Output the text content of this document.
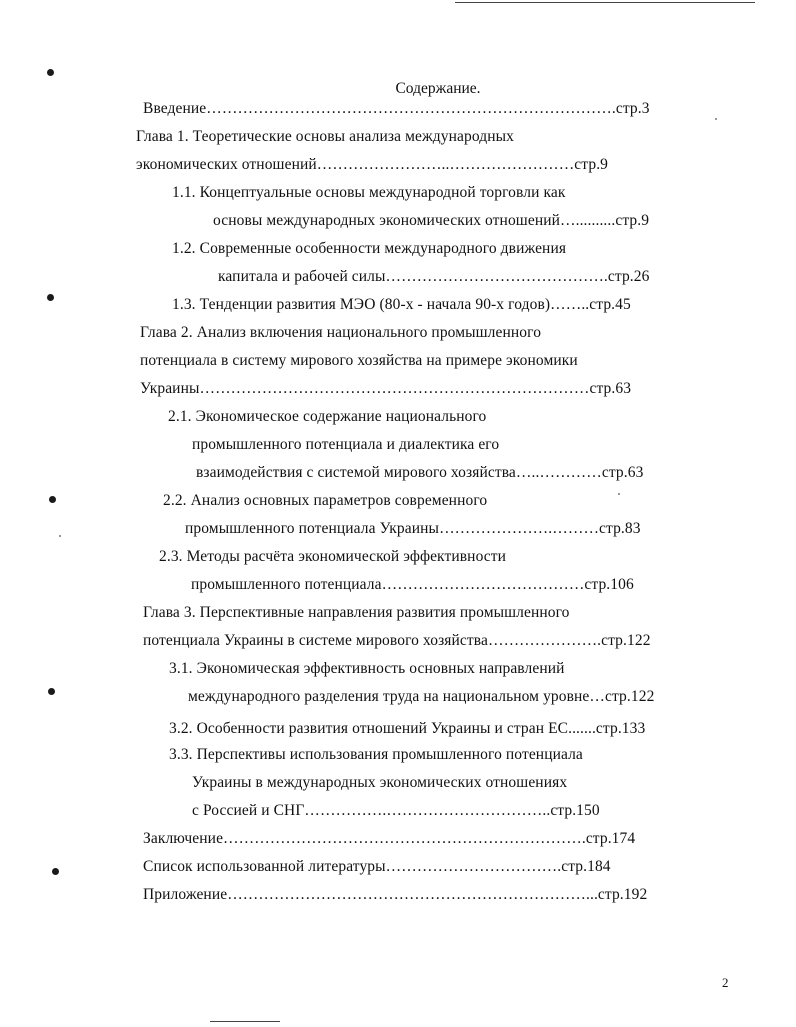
Содержание.
Введение…………………………………………………………………….стр.3
Глава 1. Теоретические основы анализа международных
экономических отношений……………………..……………………стр.9
1.1. Концептуальные основы международной торговли как
основы международных экономических отношений…..........стр.9
1.2. Современные особенности международного движения
капитала и рабочей силы…………………………………….стр.26
1.3. Тенденции развития МЭО (80-х - начала 90-х годов)……..стр.45
Глава 2. Анализ включения национального промышленного
потенциала в систему мирового хозяйства на примере экономики
Украины…………………………………………………………………стр.63
2.1. Экономическое содержание национального
промышленного потенциала и диалектика его
взаимодействия с системой мирового хозяйства…..…………стр.63
2.2. Анализ основных параметров современного
промышленного потенциала Украины………………….………стр.83
2.3. Методы расчёта экономической эффективности
промышленного потенциала…………………………………стр.106
Глава 3. Перспективные направления развития промышленного
потенциала Украины в системе мирового хозяйства………………….стр.122
3.1. Экономическая эффективность основных направлений
международного разделения труда на национальном уровне…стр.122
3.2. Особенности развития отношений Украины и стран ЕС.......стр.133
3.3. Перспективы использования промышленного потенциала
Украины в международных экономических отношениях
с Россией и СНГ…………….…………………………..стр.150
Заключение…………………………………………………………….стр.174
Список использованной литературы…………………………….стр.184
Приложение……………………………………………………………...стр.192
2
